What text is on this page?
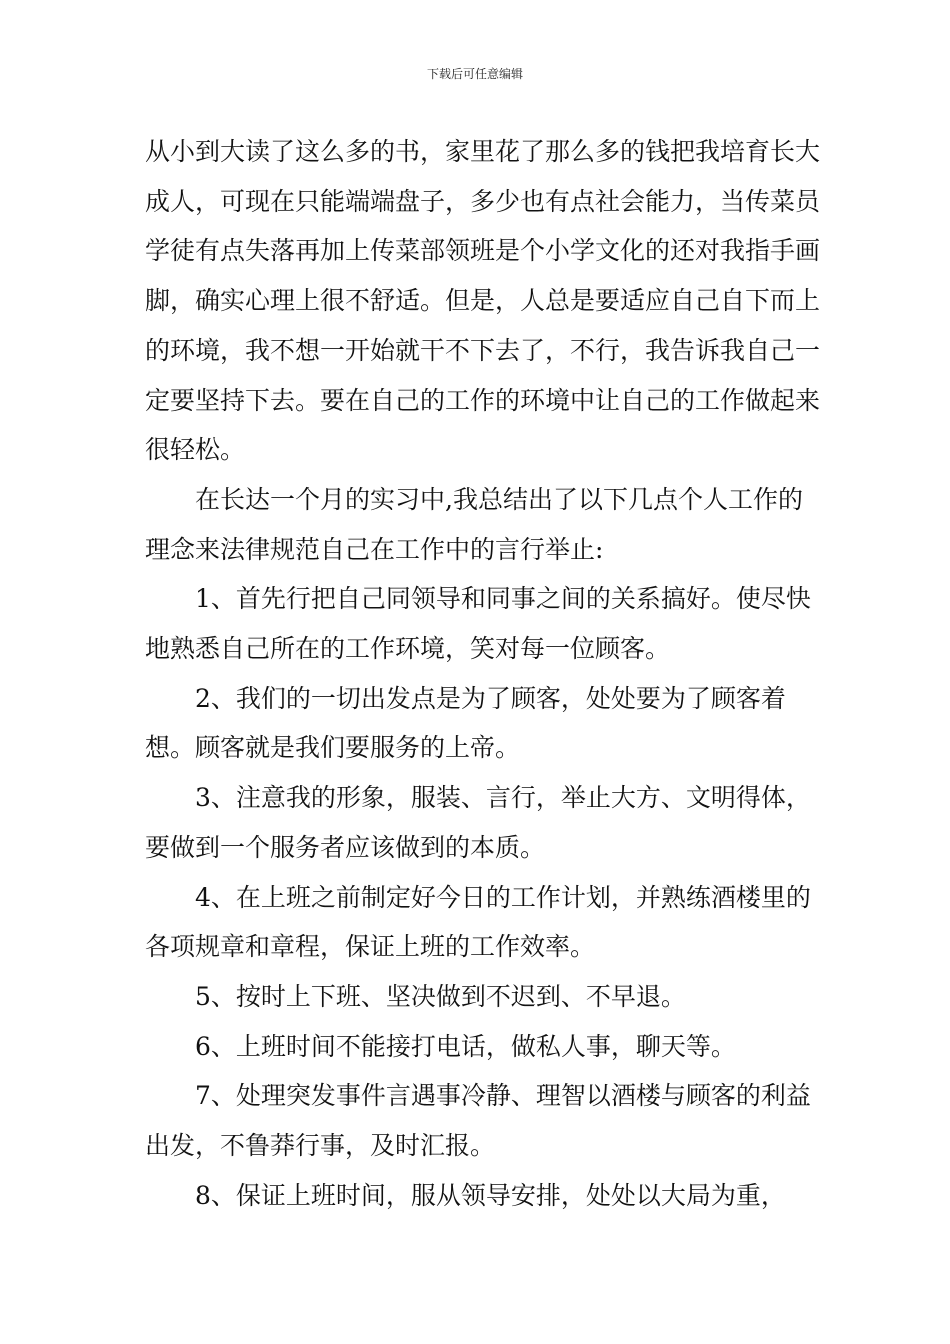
下载后可任意编辑

从小到大读了这么多的书，家里花了那么多的钱把我培育长大成人，可现在只能端端盘子，多少也有点社会能力，当传菜员学徒有点失落再加上传菜部领班是个小学文化的还对我指手画脚，确实心理上很不舒适。但是，人总是要适应自己自下而上的环境，我不想一开始就干不下去了，不行，我告诉我自己一定要坚持下去。要在自己的工作的环境中让自己的工作做起来很轻松。

在长达一个月的实习中,我总结出了以下几点个人工作的理念来法律规范自己在工作中的言行举止:

1、首先行把自己同领导和同事之间的关系搞好。使尽快地熟悉自己所在的工作环境，笑对每一位顾客。

2、我们的一切出发点是为了顾客，处处要为了顾客着想。顾客就是我们要服务的上帝。

3、注意我的形象，服装、言行，举止大方、文明得体，要做到一个服务者应该做到的本质。

4、在上班之前制定好今日的工作计划，并熟练酒楼里的各项规章和章程，保证上班的工作效率。

5、按时上下班、坚决做到不迟到、不早退。

6、上班时间不能接打电话，做私人事，聊天等。

7、处理突发事件言遇事冷静、理智以酒楼与顾客的利益出发，不鲁莽行事，及时汇报。

8、保证上班时间，服从领导安排，处处以大局为重，
